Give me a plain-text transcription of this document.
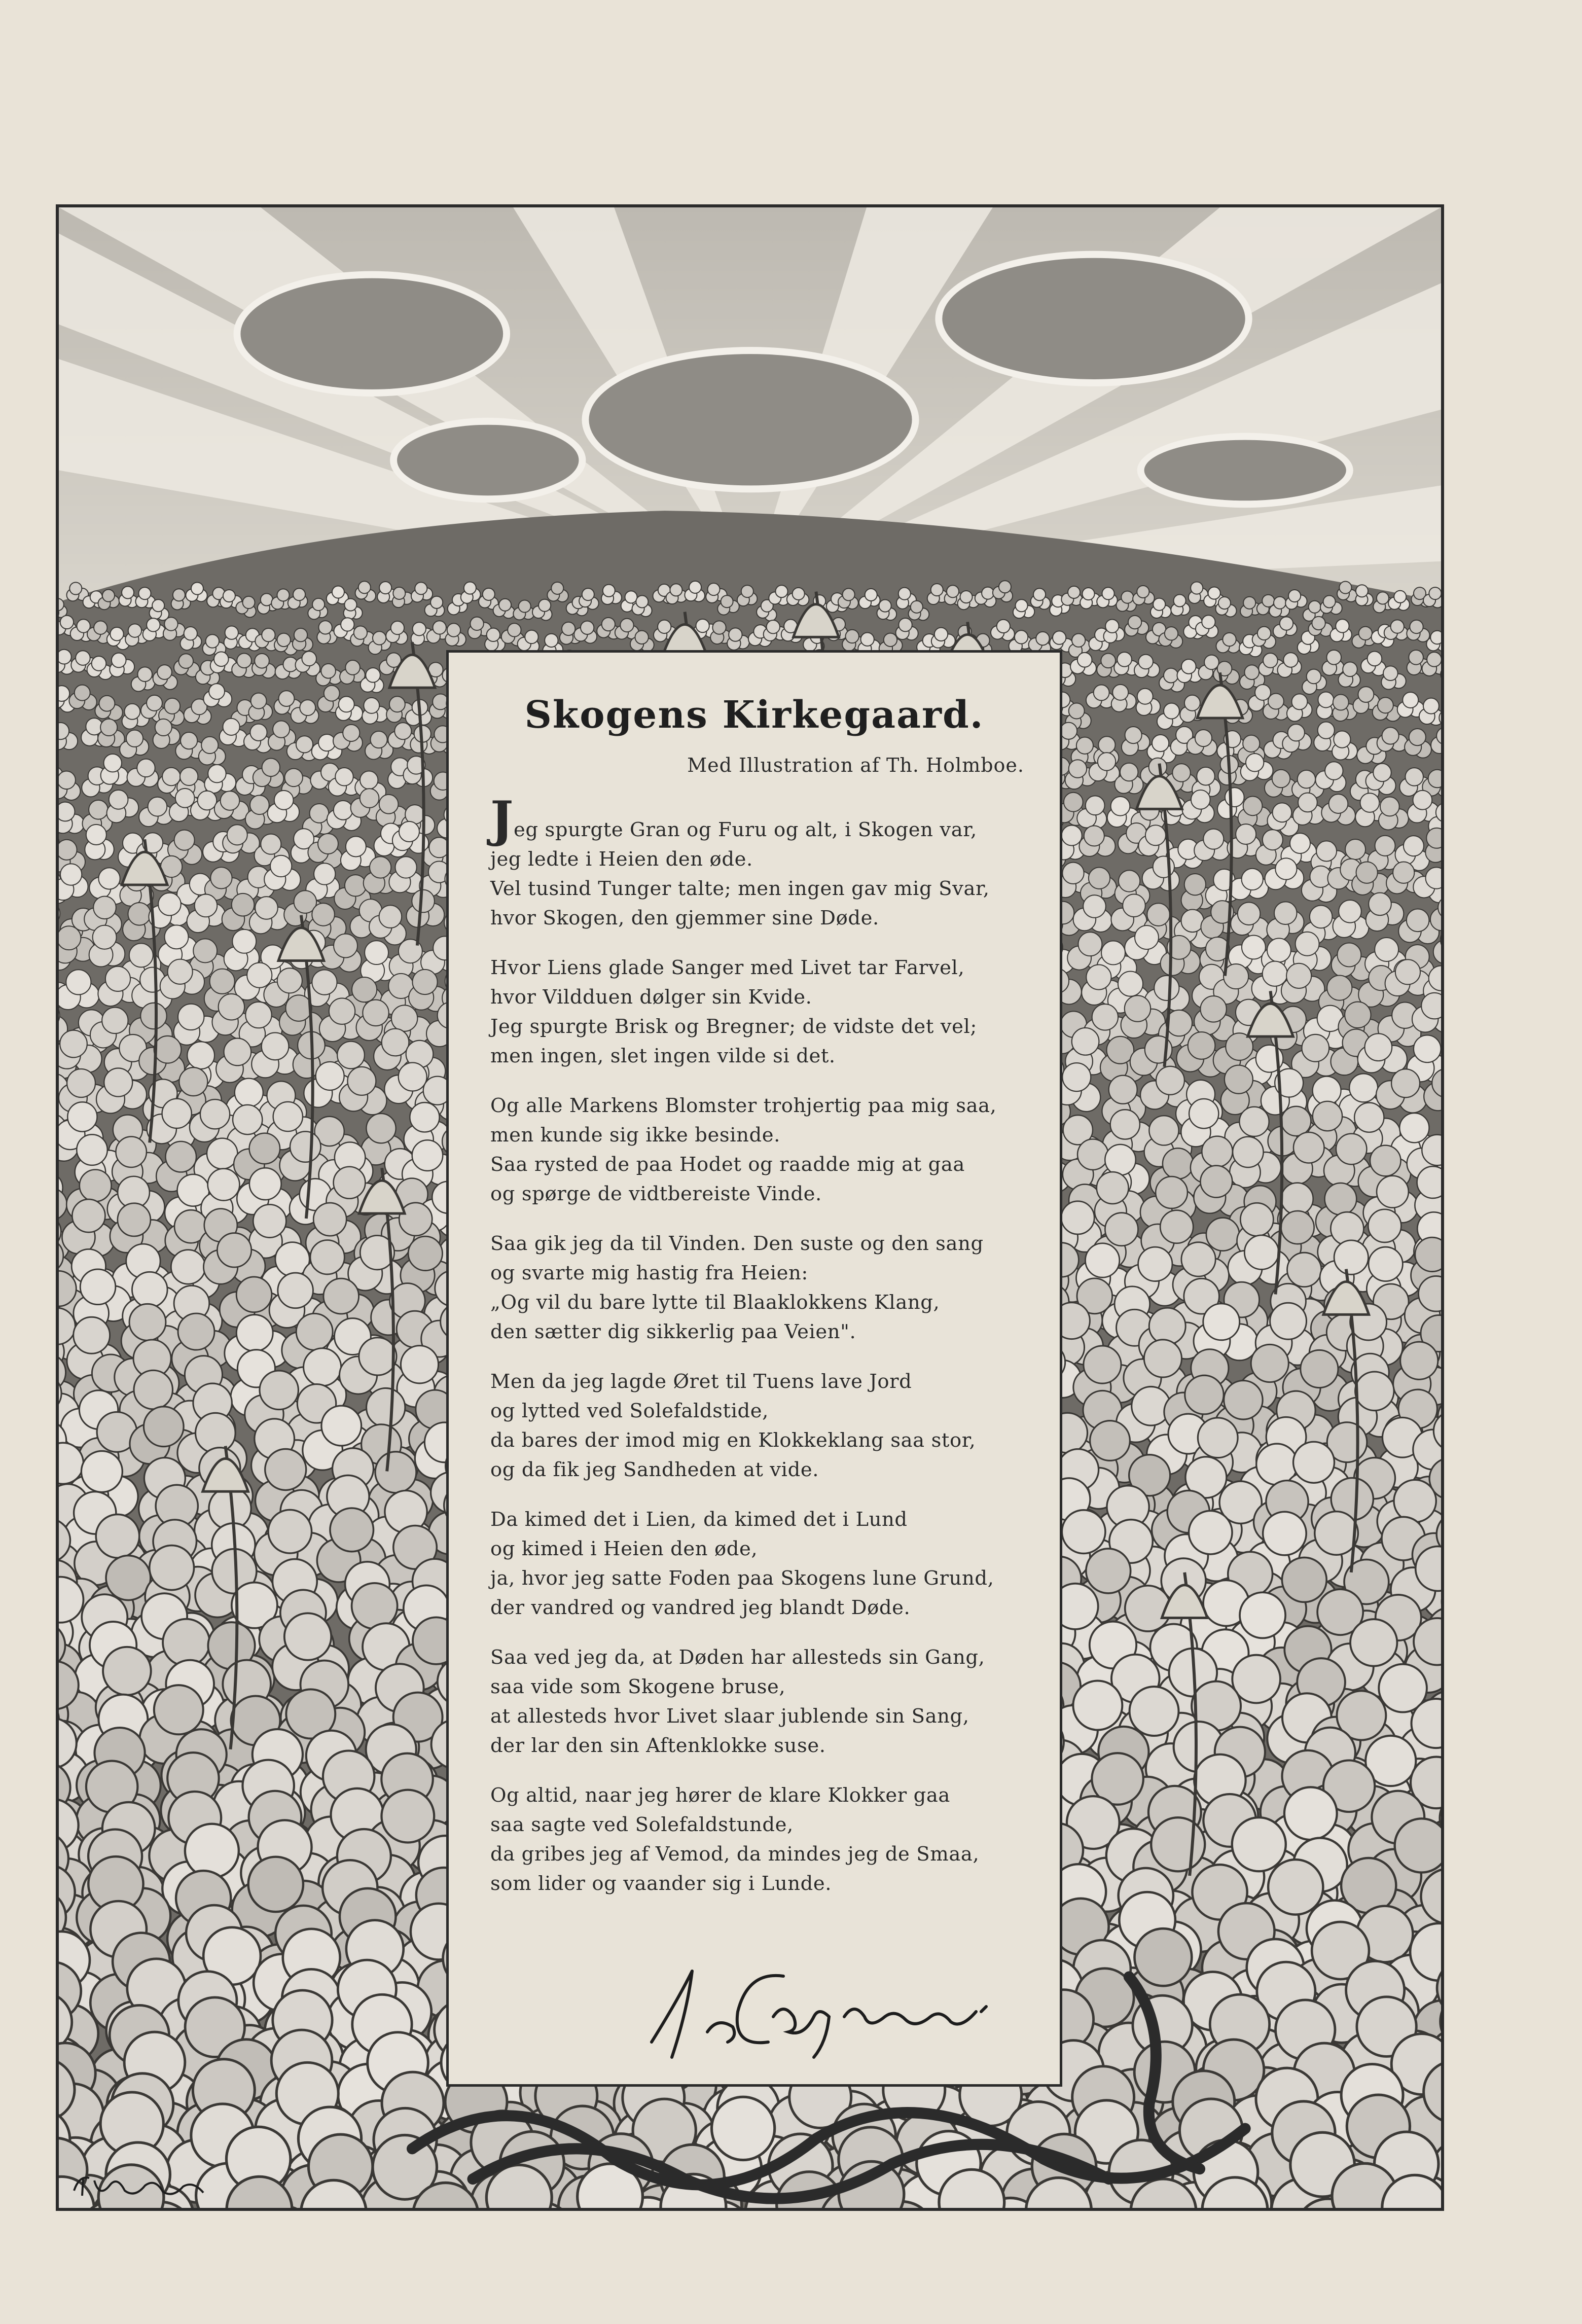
Skogens Kirkegaard.
Med Illustration af Th. Holmboe.
Jeg spurgte Gran og Furu og alt, i Skogen var,
jeg ledte i Heien den øde.
Vel tusind Tunger talte; men ingen gav mig Svar,
hvor Skogen, den gjemmer sine Døde.
Hvor Liens glade Sanger med Livet tar Farvel,
hvor Vildduen dølger sin Kvide.
Jeg spurgte Brisk og Bregner; de vidste det vel;
men ingen, slet ingen vilde si det.
Og alle Markens Blomster trohjertig paa mig saa,
men kunde sig ikke besinde.
Saa rysted de paa Hodet og raadde mig at gaa
og spørge de vidtbereiste Vinde.
Saa gik jeg da til Vinden. Den suste og den sang
og svarte mig hastig fra Heien:
„Og vil du bare lytte til Blaaklokkens Klang,
den sætter dig sikkerlig paa Veien".
Men da jeg lagde Øret til Tuens lave Jord
og lytted ved Solefaldstide,
da bares der imod mig en Klokkeklang saa stor,
og da fik jeg Sandheden at vide.
Da kimed det i Lien, da kimed det i Lund
og kimed i Heien den øde,
ja, hvor jeg satte Foden paa Skogens lune Grund,
der vandred og vandred jeg blandt Døde.
Saa ved jeg da, at Døden har allesteds sin Gang,
saa vide som Skogene bruse,
at allesteds hvor Livet slaar jublende sin Sang,
der lar den sin Aftenklokke suse.
Og altid, naar jeg hører de klare Klokker gaa
saa sagte ved Solefaldstunde,
da gribes jeg af Vemod, da mindes jeg de Smaa,
som lider og vaander sig i Lunde.
